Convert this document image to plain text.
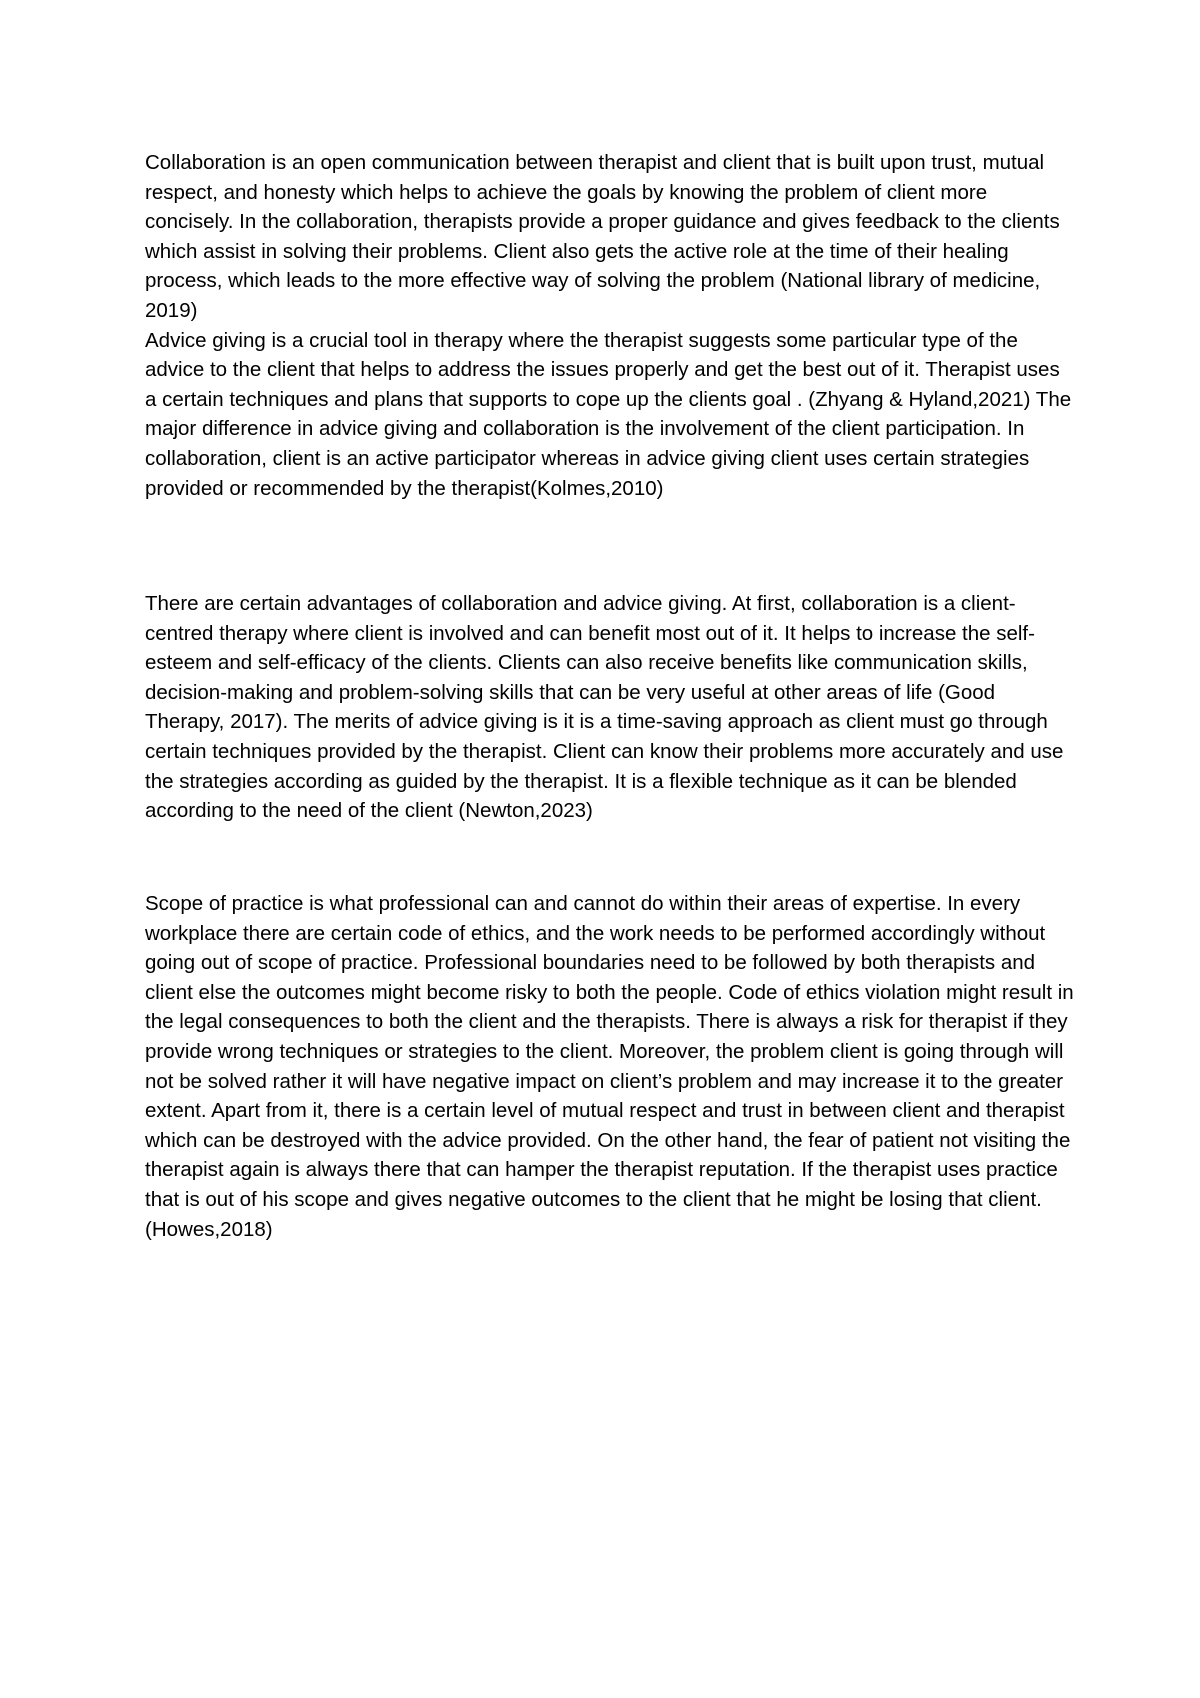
Collaboration is an open communication between therapist and client that is built upon trust, mutual respect, and honesty which helps to achieve the goals by knowing the problem of client more concisely. In the collaboration, therapists provide a proper guidance and gives feedback to the clients which assist in solving their problems. Client also gets the active role at the time of their healing process, which leads to the more effective way of solving the problem (National library of medicine, 2019)

Advice giving is a crucial tool in therapy where the therapist suggests some particular type of the advice to the client that helps to address the issues properly and get the best out of it. Therapist uses a certain techniques and plans that supports to cope up the clients goal . (Zhyang & Hyland,2021) The major difference in advice giving and collaboration is the involvement of the client participation. In collaboration, client is an active participator whereas in advice giving client uses certain strategies provided or recommended by the therapist(Kolmes,2010)

There are certain advantages of collaboration and advice giving. At first, collaboration is a client-centred therapy where client is involved and can benefit most out of it. It helps to increase the self-esteem and self-efficacy of the clients. Clients can also receive benefits like communication skills, decision-making and problem-solving skills that can be very useful at other areas of life (Good Therapy, 2017). The merits of advice giving is it is a time-saving approach as client must go through certain techniques provided by the therapist. Client can know their problems more accurately and use the strategies according as guided by the therapist. It is a flexible technique as it can be blended according to the need of the client (Newton,2023)

Scope of practice is what professional can and cannot do within their areas of expertise. In every workplace there are certain code of ethics, and the work needs to be performed accordingly without going out of scope of practice. Professional boundaries need to be followed by both therapists and client else the outcomes might become risky to both the people. Code of ethics violation might result in the legal consequences to both the client and the therapists. There is always a risk for therapist if they provide wrong techniques or strategies to the client. Moreover, the problem client is going through will not be solved rather it will have negative impact on client’s problem and may increase it to the greater extent. Apart from it, there is a certain level of mutual respect and trust in between client and therapist which can be destroyed with the advice provided. On the other hand, the fear of patient not visiting the therapist again is always there that can hamper the therapist reputation. If the therapist uses practice that is out of his scope and gives negative outcomes to the client that he might be losing that client. (Howes,2018)
